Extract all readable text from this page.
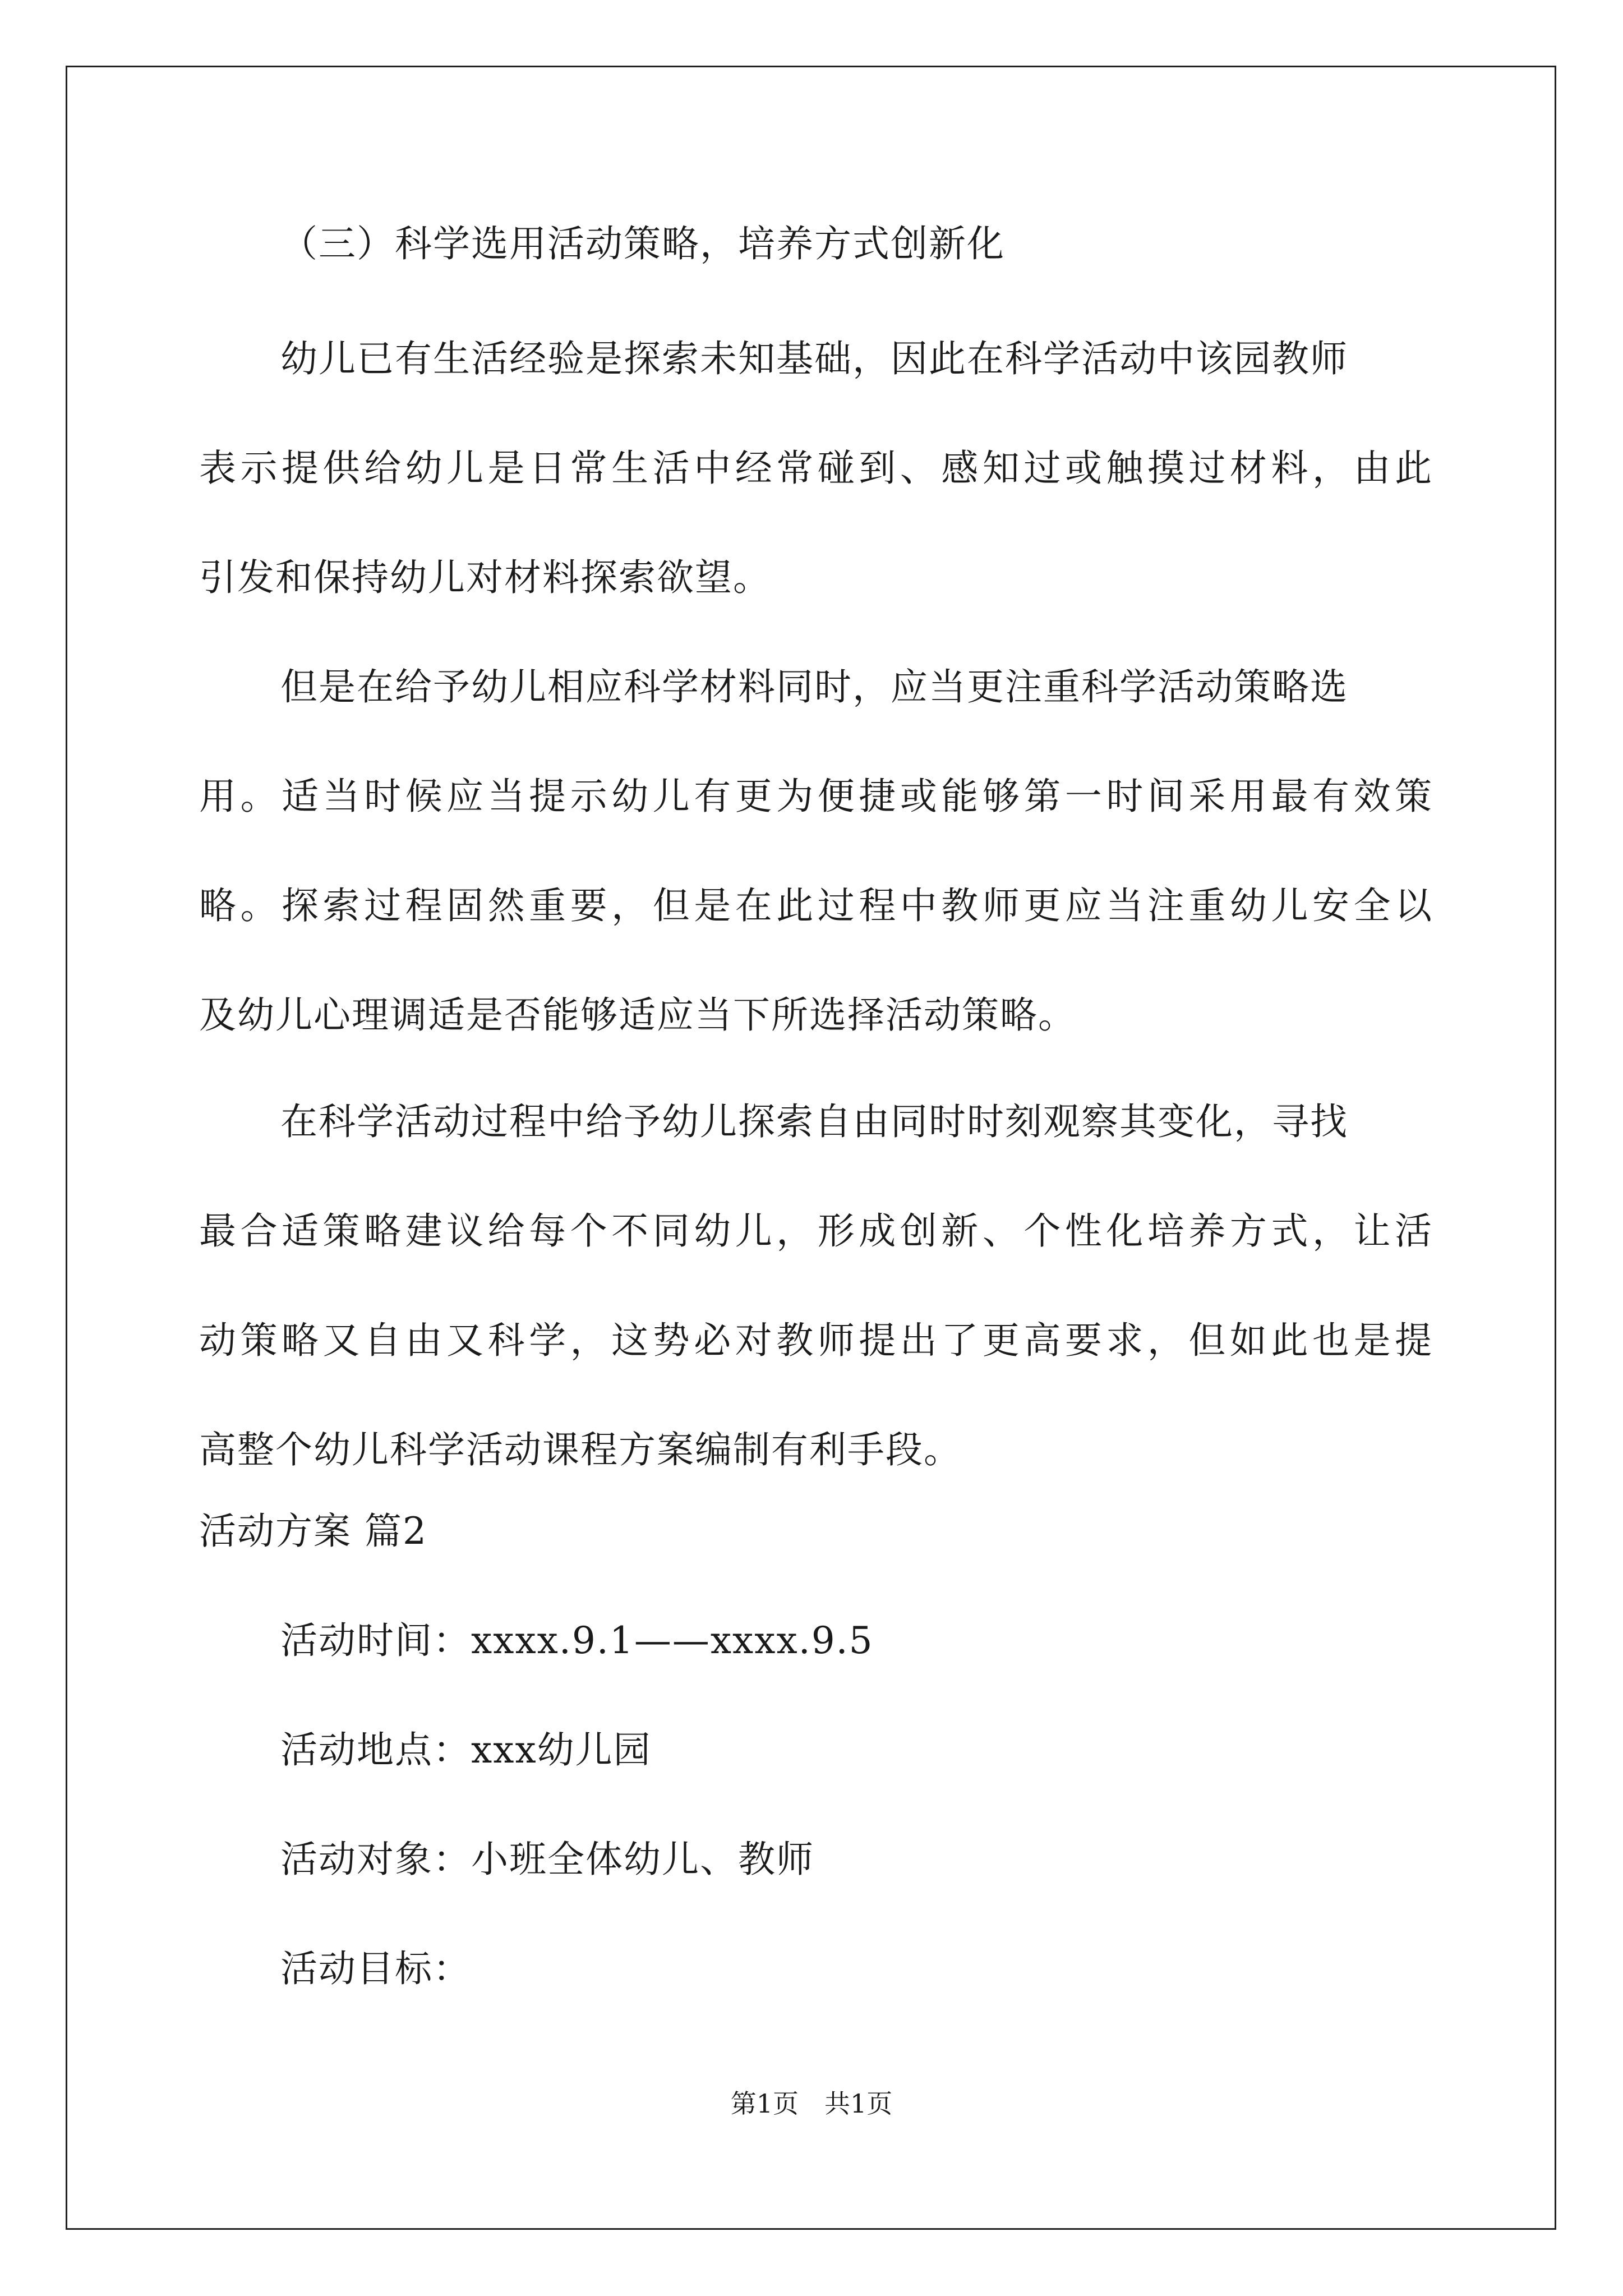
（三）科学选用活动策略，培养方式创新化
幼儿已有生活经验是探索未知基础，因此在科学活动中该园教师
表示提供给幼儿是日常生活中经常碰到、感知过或触摸过材料，由此
引发和保持幼儿对材料探索欲望。
但是在给予幼儿相应科学材料同时，应当更注重科学活动策略选
用。适当时候应当提示幼儿有更为便捷或能够第一时间采用最有效策
略。探索过程固然重要，但是在此过程中教师更应当注重幼儿安全以
及幼儿心理调适是否能够适应当下所选择活动策略。
在科学活动过程中给予幼儿探索自由同时时刻观察其变化，寻找
最合适策略建议给每个不同幼儿，形成创新、个性化培养方式，让活
动策略又自由又科学，这势必对教师提出了更高要求，但如此也是提
高整个幼儿科学活动课程方案编制有利手段。
活动方案 篇2
活动时间：xxxx.9.1——xxxx.9.5
活动地点：xxx幼儿园
活动对象：小班全体幼儿、教师
活动目标：
第1页　共1页
